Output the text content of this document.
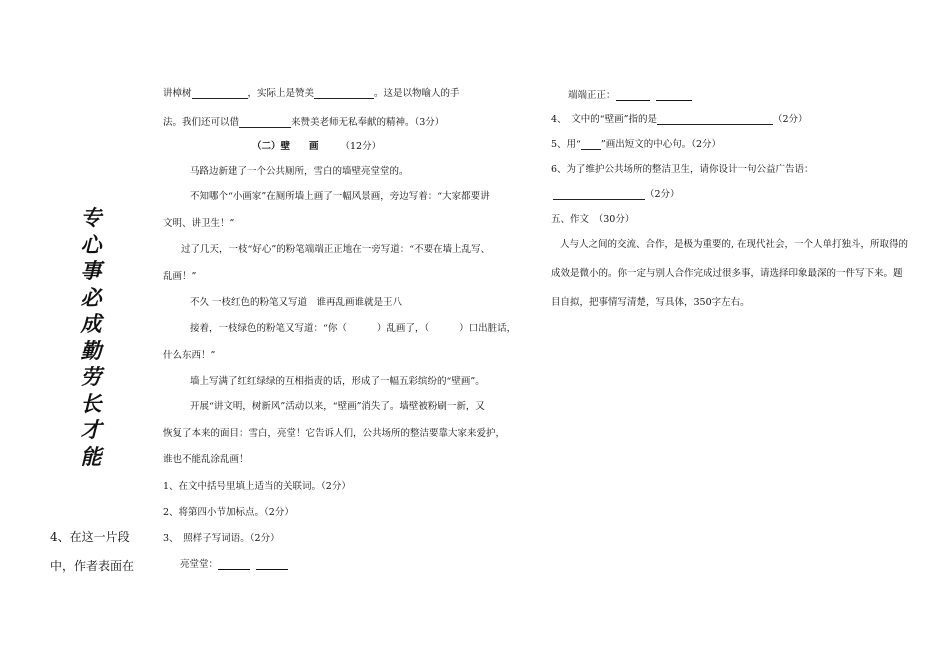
专
心
事
必
成
勤
劳
长
才
能
4、在这一片段
中，作者表面在
讲樟树	，实际上是赞美	。这是以物喻人的手
法。我们还可以借	来赞美老师无私奉献的精神。（3分）
（二）壁　　画 （12分）
马路边新建了一个公共厕所，雪白的墙壁亮堂堂的。
不知哪个“小画家”在厕所墙上画了一幅风景画，旁边写着：“大家都要讲
文明、讲卫生！”
过了几天，一枝“好心”的粉笔端端正正地在一旁写道：“不要在墙上乱写、
乱画！”
不久 一枝红色的粉笔又写道　谁再乱画谁就是王八
接着，一枝绿色的粉笔又写道：“你（	）乱画了，（	）口出脏话，
什么东西！”
墙上写满了红红绿绿的互相指责的话，形成了一幅五彩缤纷的“壁画”。
开展“讲文明，树新风”活动以来，“壁画”消失了。墙壁被粉刷一新，又
恢复了本来的面目：雪白，亮堂！它告诉人们，公共场所的整洁要靠大家来爱护，
谁也不能乱涂乱画！
1、在文中括号里填上适当的关联词。（2分）
2、将第四小节加标点。（2分）
3、　照样子写词语。（2分）
亮堂堂：
端端正正：
4、　文中的“壁画”指的是	（2分）
5、用“ ”画出短文的中心句。（2分）
6、为了维护公共场所的整洁卫生，请你设计一句公益广告语：
（2分）
五、作文　（30分）
人与人之间的交流、合作，是极为重要的, 在现代社会，一个人单打独斗，所取得的
成效是微小的。你一定与别人合作完成过很多事，请选择印象最深的一件写下来。题
目自拟，把事情写清楚，写具体，350字左右。
